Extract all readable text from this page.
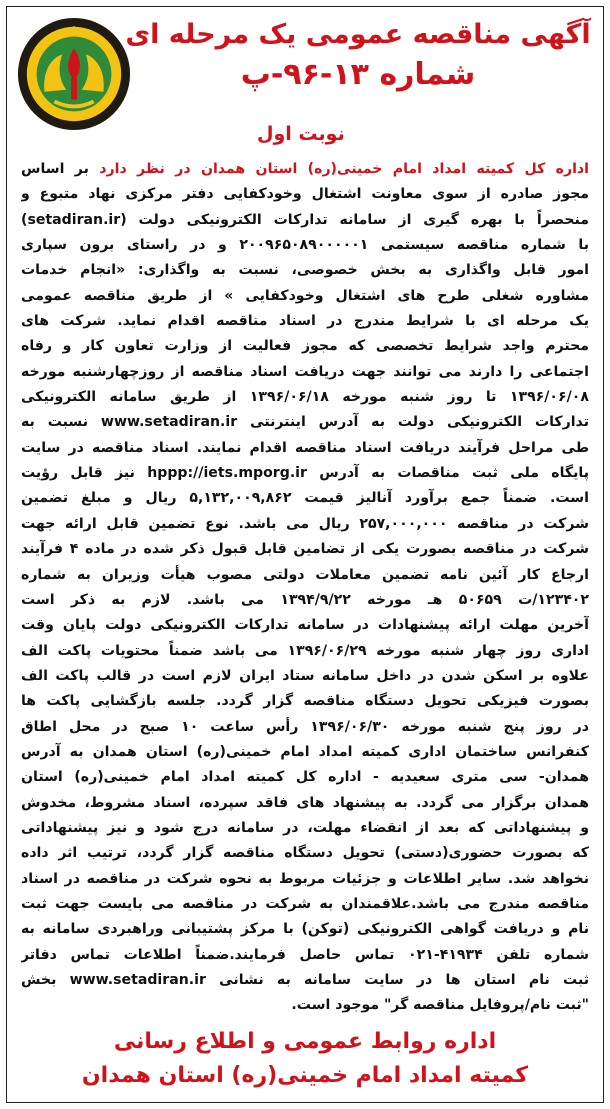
آگهی مناقصه عمومی یک مرحله ای
شماره ۱۳-۹۶-پ
نوبت اول
اداره کل کمیته امداد امام خمینی(ره) استان همدان در نظر دارد بر اساس
مجوز صادره از سوی معاونت اشتغال وخودکفایی دفتر مرکزی نهاد متبوع و
منحصراً با بهره گیری از سامانه تدارکات الکترونیکی دولت (setadiran.ir)
با شماره مناقصه سیستمی ۲۰۰۹۶۵۰۸۹۰۰۰۰۰۱ و در راستای برون سپاری
امور قابل واگذاری به بخش خصوصی، نسبت به واگذاری: «انجام خدمات
مشاوره شغلی طرح های اشتغال وخودکفایی » از طریق مناقصه عمومی
یک مرحله ای با شرایط مندرج در اسناد مناقصه اقدام نماید. شرکت های
محترم واجد شرایط تخصصی که مجوز فعالیت از وزارت تعاون کار و رفاه
اجتماعی را دارند می توانند جهت دریافت اسناد مناقصه از روزچهارشنبه مورخه
۱۳۹۶/۰۶/۰۸ تا روز شنبه مورخه ۱۳۹۶/۰۶/۱۸ از طریق سامانه الکترونیکی
تدارکات الکترونیکی دولت به آدرس اینترنتی www.setadiran.ir نسبت به
طی مراحل فرآیند دریافت اسناد مناقصه اقدام نمایند. اسناد مناقصه در سایت
پایگاه ملی ثبت مناقصات به آدرس hppp://iets.mporg.ir نیز قابل رؤیت
است. ضمناً جمع برآورد آنالیز قیمت ۵,۱۳۲,۰۰۹,۸۶۲ ریال و مبلغ تضمین
شرکت در مناقصه ۲۵۷,۰۰۰,۰۰۰ ریال می باشد. نوع تضمین قابل ارائه جهت
شرکت در مناقصه بصورت یکی از تضامین قابل قبول ذکر شده در ماده ۴ فرآیند
ارجاع کار آئین نامه تضمین معاملات دولتی مصوب هیأت وزیران به شماره
۱۲۳۴۰۲/ت ۵۰۶۵۹ هـ مورخه ۱۳۹۴/۹/۲۲ می باشد. لازم به ذکر است
آخرین مهلت ارائه پیشنهادات در سامانه تدارکات الکترونیکی دولت پایان وقت
اداری روز چهار شنبه مورخه ۱۳۹۶/۰۶/۲۹ می باشد ضمناً محتویات پاکت الف
علاوه بر اسکن شدن در داخل سامانه ستاد ایران لازم است در قالب پاکت الف
بصورت فیزیکی تحویل دستگاه مناقصه گزار گردد. جلسه بازگشایی پاکت ها
در روز پنج شنبه مورخه ۱۳۹۶/۰۶/۳۰ رأس ساعت ۱۰ صبح در محل اطاق
کنفرانس ساختمان اداری کمیته امداد امام خمینی(ره) استان همدان به آدرس
همدان- سی متری سعیدیه - اداره کل کمیته امداد امام خمینی(ره) استان
همدان برگزار می گردد. به پیشنهاد های فاقد سپرده، اسناد مشروط، مخدوش
و پیشنهاداتی که بعد از انقضاء مهلت، در سامانه درج شود و نیز پیشنهاداتی
که بصورت حضوری(دستی) تحویل دستگاه مناقصه گزار گردد، ترتیب اثر داده
نخواهد شد. سایر اطلاعات و جزئیات مربوط به نحوه شرکت در مناقصه در اسناد
مناقصه مندرج می باشد.علاقمندان به شرکت در مناقصه می بایست جهت ثبت
نام و دریافت گواهی الکترونیکی (توکن) با مرکز پشتیبانی وراهبردی سامانه به
شماره تلفن ۴۱۹۳۴-۰۲۱ تماس حاصل فرمایند.ضمناً اطلاعات تماس دفاتر
ثبت نام استان ها در سایت سامانه به نشانی www.setadiran.ir بخش
"ثبت نام/پروفایل مناقصه گر" موجود است.
اداره روابط عمومی و اطلاع رسانی
کمیته امداد امام خمینی(ره) استان همدان
